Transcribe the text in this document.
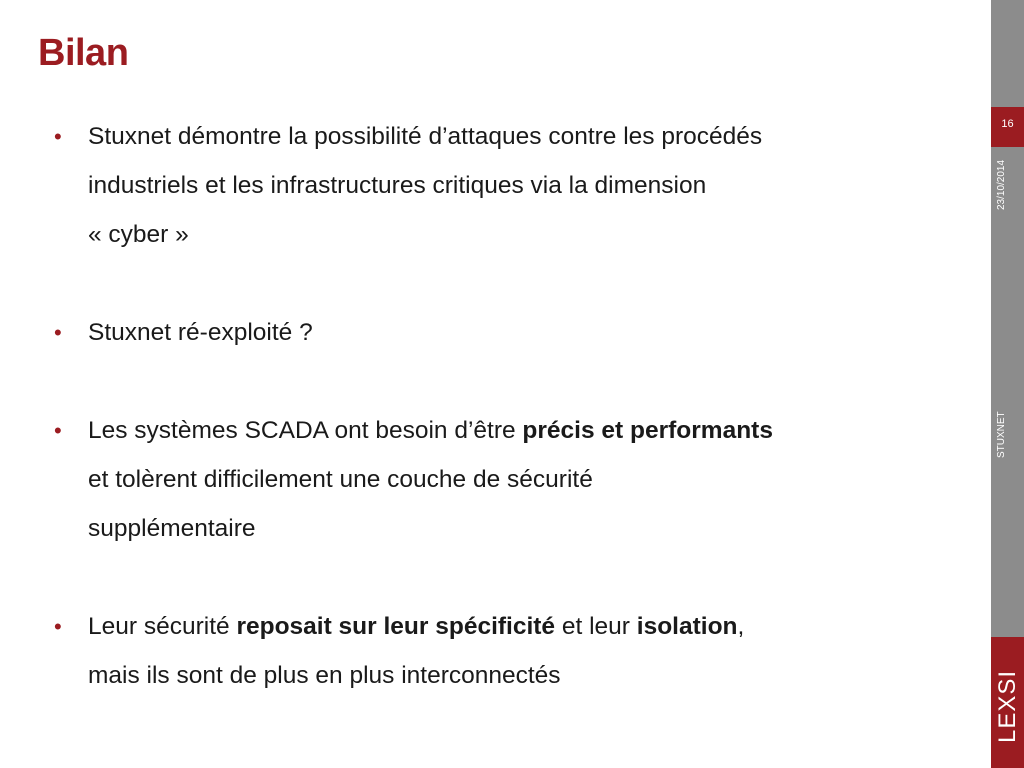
Bilan
• Stuxnet démontre la possibilité d’attaques contre les procédés
industriels et les infrastructures critiques via la dimension
« cyber »
• Stuxnet ré-exploité ?
• Les systèmes SCADA ont besoin d’être précis et performants
et tolèrent difficilement une couche de sécurité
supplémentaire
• Leur sécurité reposait sur leur spécificité et leur isolation,
mais ils sont de plus en plus interconnectés
16
23/10/2014
STUXNET
LEXSI
